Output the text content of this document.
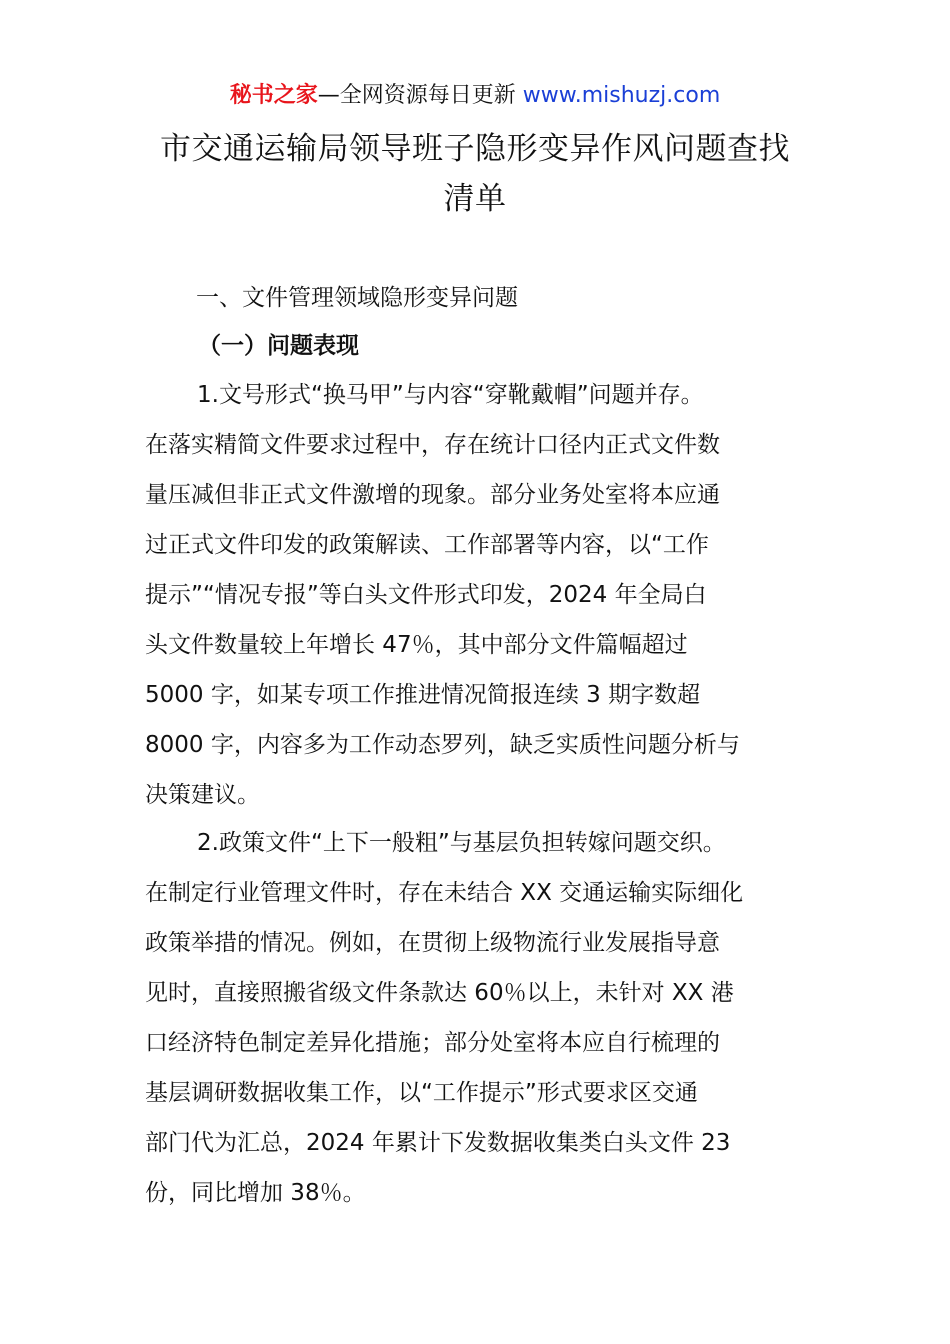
秘书之家—全网资源每日更新 www.mishuzj.com
市交通运输局领导班子隐形变异作风问题查找
清单
一、文件管理领域隐形变异问题
（一）问题表现
1.文号形式“换马甲”与内容“穿靴戴帽”问题并存。
在落实精简文件要求过程中，存在统计口径内正式文件数
量压减但非正式文件激增的现象。部分业务处室将本应通
过正式文件印发的政策解读、工作部署等内容，以“工作
提示”“情况专报”等白头文件形式印发，2024 年全局白
头文件数量较上年增长 47％，其中部分文件篇幅超过
5000 字，如某专项工作推进情况简报连续 3 期字数超
8000 字，内容多为工作动态罗列，缺乏实质性问题分析与
决策建议。
2.政策文件“上下一般粗”与基层负担转嫁问题交织。
在制定行业管理文件时，存在未结合 XX 交通运输实际细化
政策举措的情况。例如，在贯彻上级物流行业发展指导意
见时，直接照搬省级文件条款达 60％以上，未针对 XX 港
口经济特色制定差异化措施；部分处室将本应自行梳理的
基层调研数据收集工作，以“工作提示”形式要求区交通
部门代为汇总，2024 年累计下发数据收集类白头文件 23
份，同比增加 38％。
